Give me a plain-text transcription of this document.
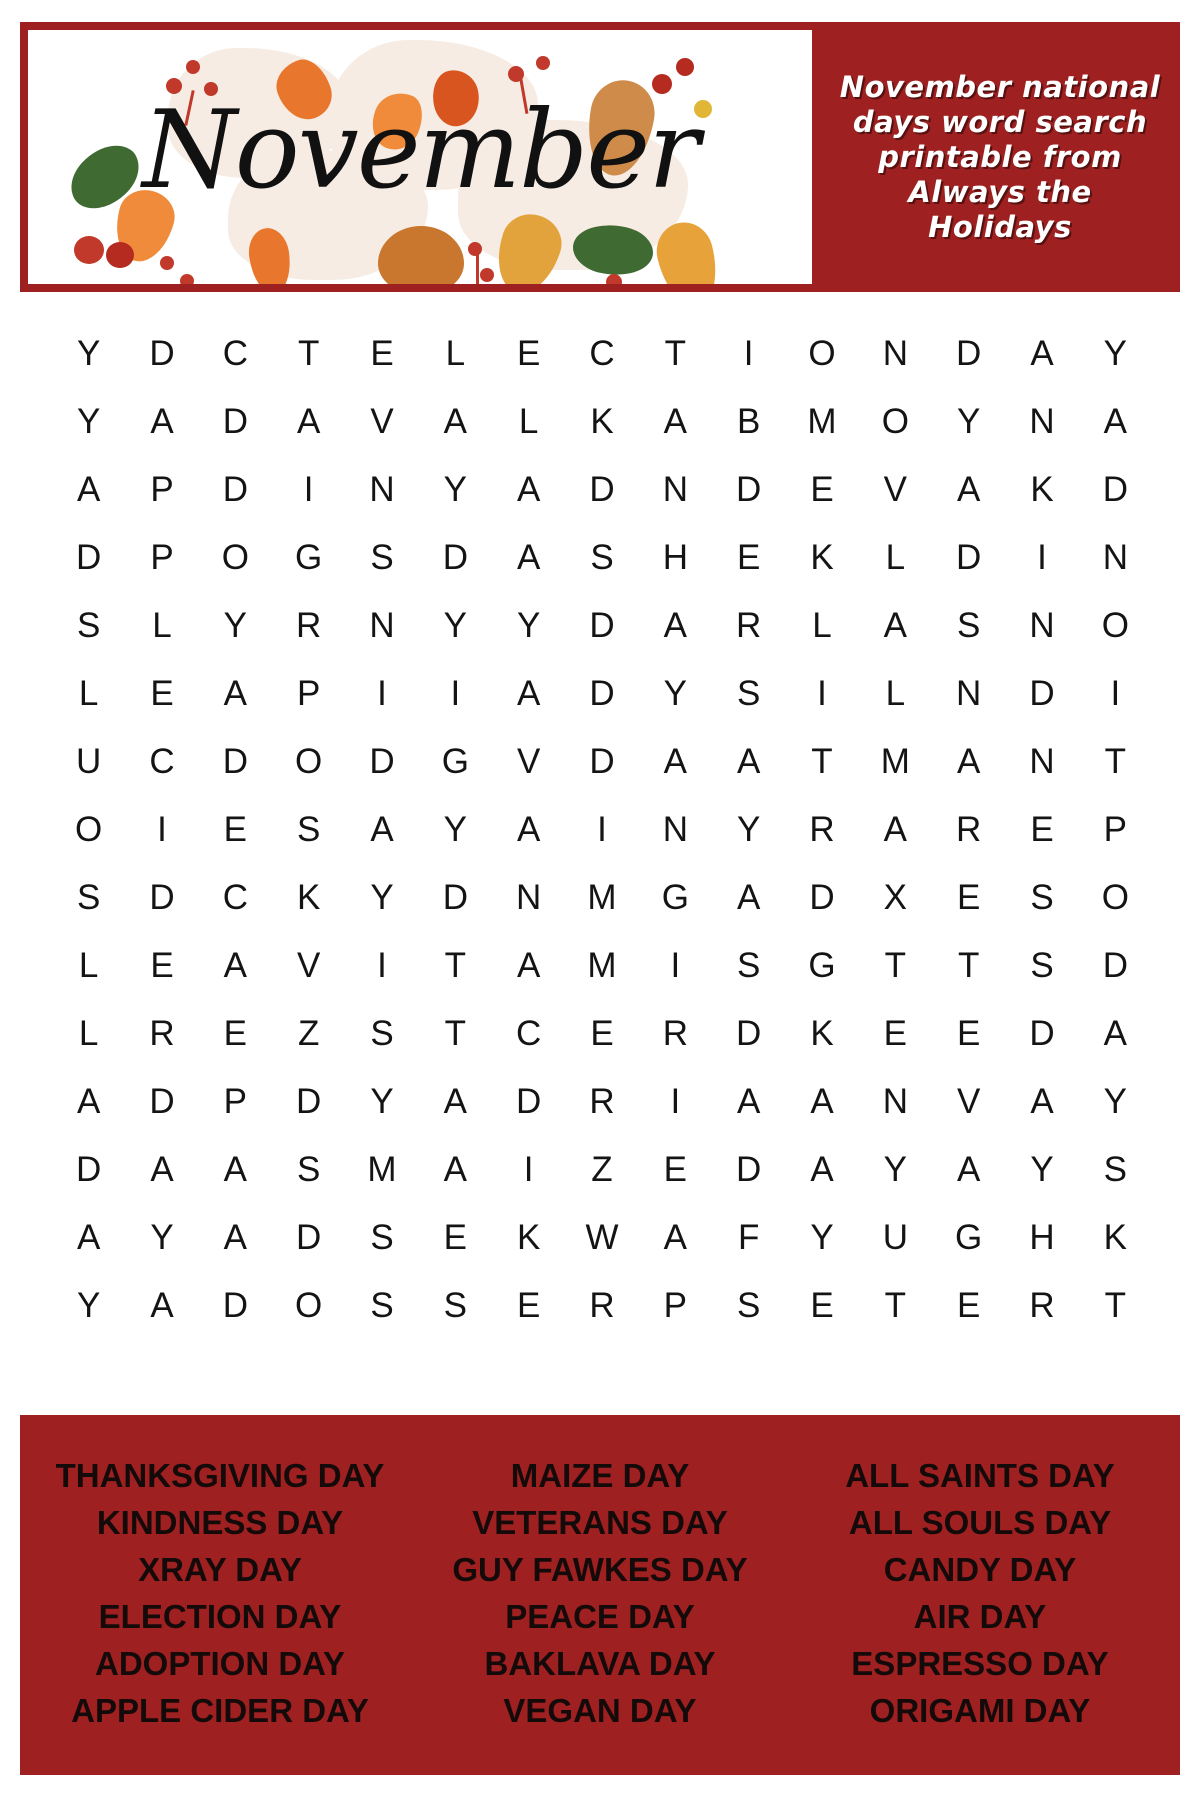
November
November national days word search printable from Always the Holidays
Y	D	C	T	E	L	E	C	T	I	O	N	D	A	Y
Y	A	D	A	V	A	L	K	A	B	M	O	Y	N	A
A	P	D	I	N	Y	A	D	N	D	E	V	A	K	D
D	P	O	G	S	D	A	S	H	E	K	L	D	I	N
S	L	Y	R	N	Y	Y	D	A	R	L	A	S	N	O
L	E	A	P	I	I	A	D	Y	S	I	L	N	D	I
U	C	D	O	D	G	V	D	A	A	T	M	A	N	T
O	I	E	S	A	Y	A	I	N	Y	R	A	R	E	P
S	D	C	K	Y	D	N	M	G	A	D	X	E	S	O
L	E	A	V	I	T	A	M	I	S	G	T	T	S	D
L	R	E	Z	S	T	C	E	R	D	K	E	E	D	A
A	D	P	D	Y	A	D	R	I	A	A	N	V	A	Y
D	A	A	S	M	A	I	Z	E	D	A	Y	A	Y	S
A	Y	A	D	S	E	K	W	A	F	Y	U	G	H	K
Y	A	D	O	S	S	E	R	P	S	E	T	E	R	T
THANKSGIVING DAY
KINDNESS DAY
XRAY DAY
ELECTION DAY
ADOPTION DAY
APPLE CIDER DAY
MAIZE DAY
VETERANS DAY
GUY FAWKES DAY
PEACE DAY
BAKLAVA DAY
VEGAN DAY
ALL SAINTS DAY
ALL SOULS DAY
CANDY DAY
AIR DAY
ESPRESSO DAY
ORIGAMI DAY
